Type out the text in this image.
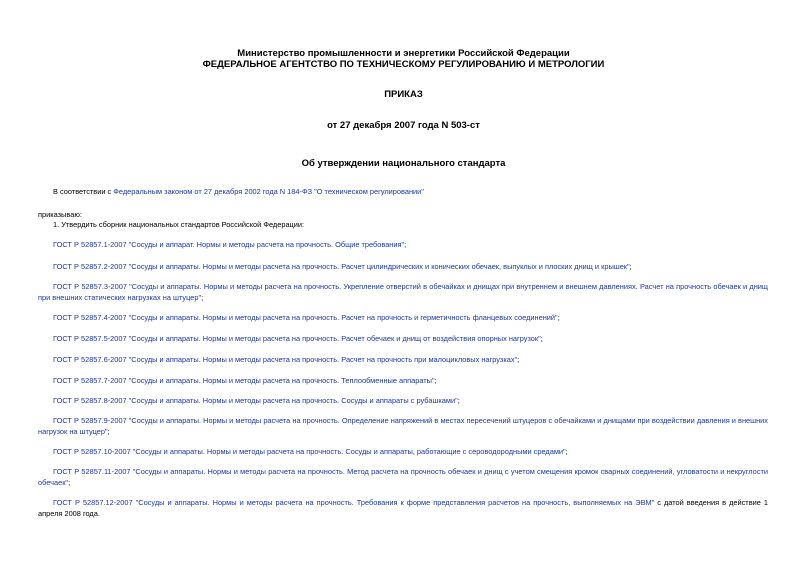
Министерство промышленности и энергетики Российской Федерации
ФЕДЕРАЛЬНОЕ АГЕНТСТВО ПО ТЕХНИЧЕСКОМУ РЕГУЛИРОВАНИЮ И МЕТРОЛОГИИ
ПРИКАЗ
от 27 декабря 2007 года N 503-ст
Об утверждении национального стандарта
В соответствии с Федеральным законом от 27 декабря 2002 года N 184-ФЗ "О техническом регулировании"
приказываю:
1. Утвердить сборник национальных стандартов Российской Федерации:
ГОСТ Р 52857.1-2007 "Сосуды и аппарат. Нормы и методы расчета на прочность. Общие требования";
ГОСТ Р 52857.2-2007 "Сосуды и аппараты. Нормы и методы расчета на прочность. Расчет цилиндрических и конических обечаек, выпуклых и плоских днищ и крышек";
ГОСТ Р 52857.3-2007 "Сосуды и аппараты. Нормы и методы расчета на прочность. Укрепление отверстий в обечайках и днищах при внутреннем и внешнем давлениях. Расчет на прочность обечаек и днищ при внешних статических нагрузках на штуцер";
ГОСТ Р 52857.4-2007 "Сосуды и аппараты. Нормы и методы расчета на прочность. Расчет на прочность и герметичность фланцевых соединений";
ГОСТ Р 52857.5-2007 "Сосуды и аппараты. Нормы и методы расчета на прочность. Расчет обечаек и днищ от воздействия опорных нагрузок";
ГОСТ Р 52857.6-2007 "Сосуды и аппараты. Нормы и методы расчета на прочность. Расчет на прочность при малоцикловых нагрузках";
ГОСТ Р 52857.7-2007 "Сосуды и аппараты. Нормы и методы расчета на прочность. Теплообменные аппараты";
ГОСТ Р 52857.8-2007 "Сосуды и аппараты. Нормы и методы расчета на прочность. Сосуды и аппараты с рубашками";
ГОСТ Р 52857.9-2007 "Сосуды и аппараты. Нормы и методы расчета на прочность. Определение напряжений в местах пересечений штуцеров с обечайками и днищами при воздействии давления и внешних нагрузок на штуцер";
ГОСТ Р 52857.10-2007 "Сосуды и аппараты. Нормы и методы расчета на прочность. Сосуды и аппараты, работающие с сероводородными средами";
ГОСТ Р 52857.11-2007 "Сосуды и аппараты. Нормы и методы расчета на прочность. Метод расчета на прочность обечаек и днищ с учетом смещения кромок сварных соединений, угловатости и некруглости обечаек";
ГОСТ Р 52857.12-2007 "Сосуды и аппараты. Нормы и методы расчета на прочность. Требования к форме представления расчетов на прочность, выполняемых на ЭВМ" с датой введения в действие 1 апреля 2008 года.
